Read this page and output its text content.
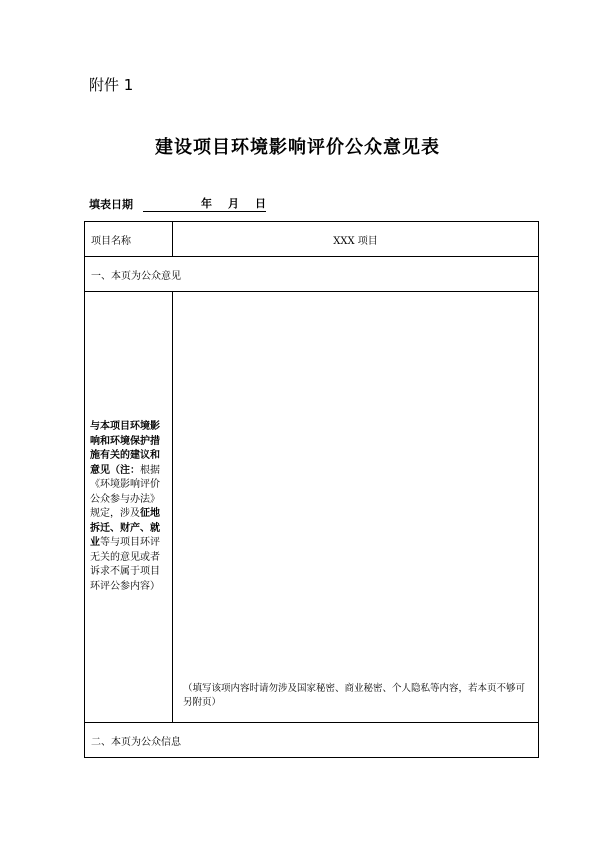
附件 1
建设项目环境影响评价公众意见表
填表日期	年 月 日
项目名称	XXX 项目
一、本页为公众意见	
与本项目环境影响和环境保护措施有关的建议和意见（注：根据《环境影响评价公众参与办法》规定，涉及征地拆迁、财产、就业等与项目环评无关的意见或者诉求不属于项目环评公参内容）	（填写该项内容时请勿涉及国家秘密、商业秘密、个人隐私等内容，若本页不够可另附页）

二、本页为公众信息	
